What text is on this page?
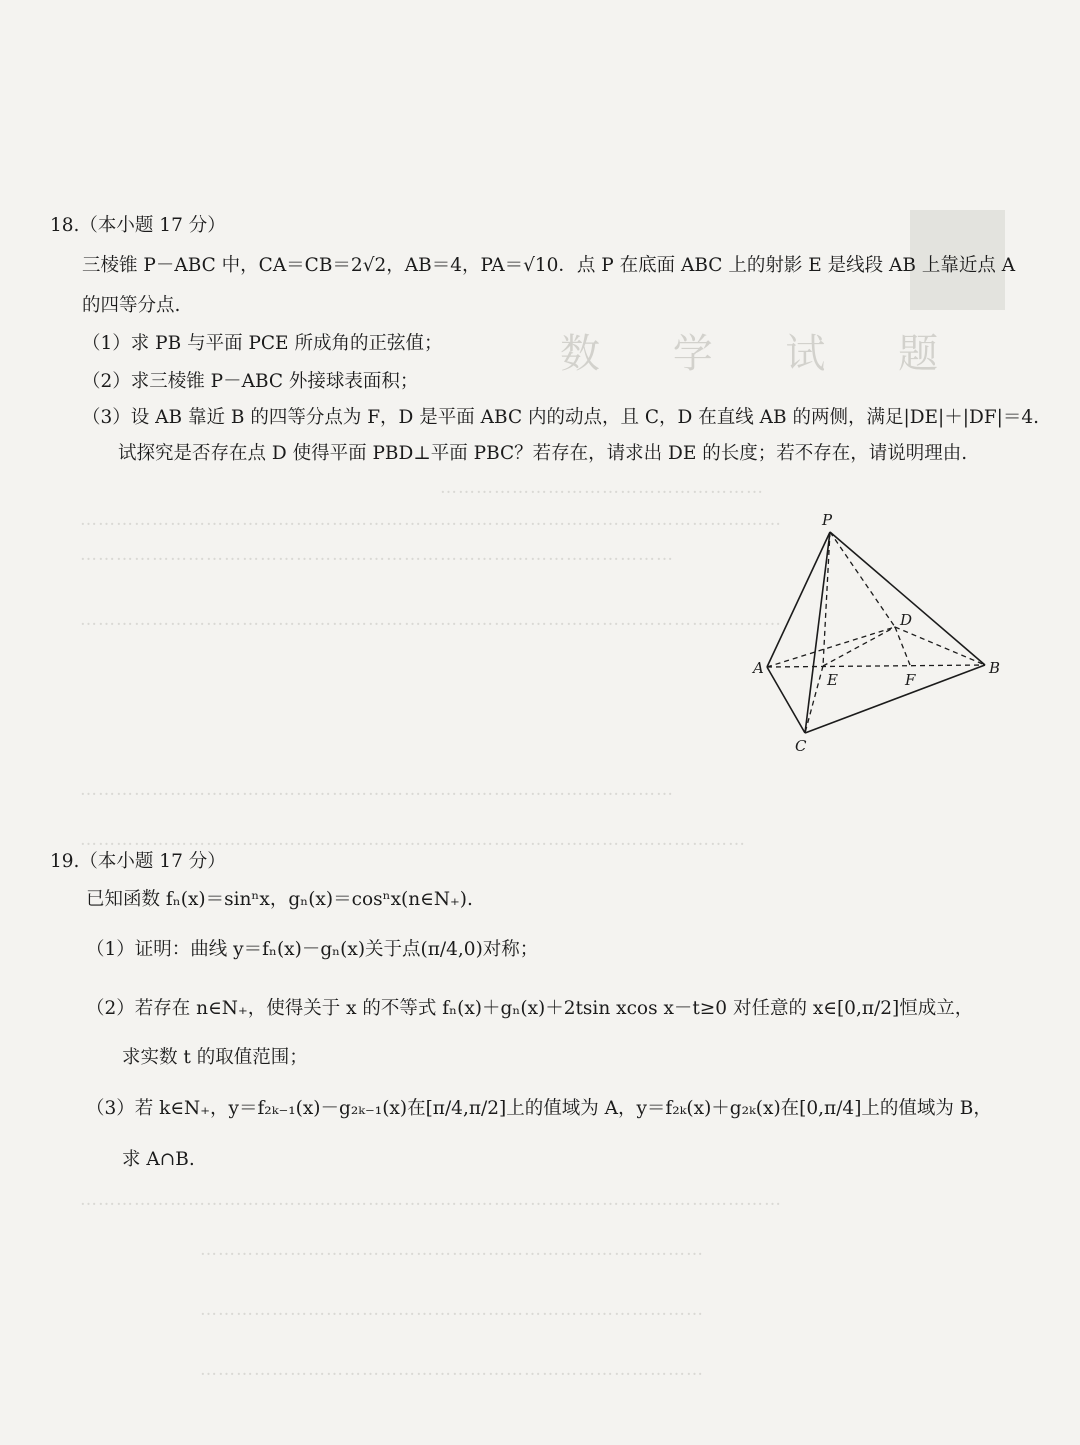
数 学 试 题
………………………………………………
………………………………………………………………………………………………………
………………………………………………………………………………………
………………………………………………………………………………………………………
………………………………………………………………………………………
…………………………………………………………………………………………………
………………………………………………………………………………………………………
…………………………………………………………………………
…………………………………………………………………………
…………………………………………………………………………
18.（本小题 17 分）
三棱锥 P－ABC 中，CA＝CB＝2√2，AB＝4，PA＝√10．点 P 在底面 ABC 上的射影 E 是线段 AB 上靠近点 A
的四等分点.
（1）求 PB 与平面 PCE 所成角的正弦值；
（2）求三棱锥 P－ABC 外接球表面积；
（3）设 AB 靠近 B 的四等分点为 F，D 是平面 ABC 内的动点，且 C，D 在直线 AB 的两侧，满足|DE|＋|DF|＝4.
试探究是否存在点 D 使得平面 PBD⊥平面 PBC？若存在，请求出 DE 的长度；若不存在，请说明理由.
P
A	B
C
D
E	F
19.（本小题 17 分）
已知函数 fₙ(x)＝sinⁿx，gₙ(x)＝cosⁿx(n∈N₊).
（1）证明：曲线 y＝fₙ(x)－gₙ(x)关于点(π/4,0)对称；
（2）若存在 n∈N₊，使得关于 x 的不等式 fₙ(x)＋gₙ(x)＋2tsin xcos x－t≥0 对任意的 x∈[0,π/2]恒成立，
求实数 t 的取值范围；
（3）若 k∈N₊，y＝f₂ₖ₋₁(x)－g₂ₖ₋₁(x)在[π/4,π/2]上的值域为 A，y＝f₂ₖ(x)＋g₂ₖ(x)在[0,π/4]上的值域为 B，
求 A∩B.
